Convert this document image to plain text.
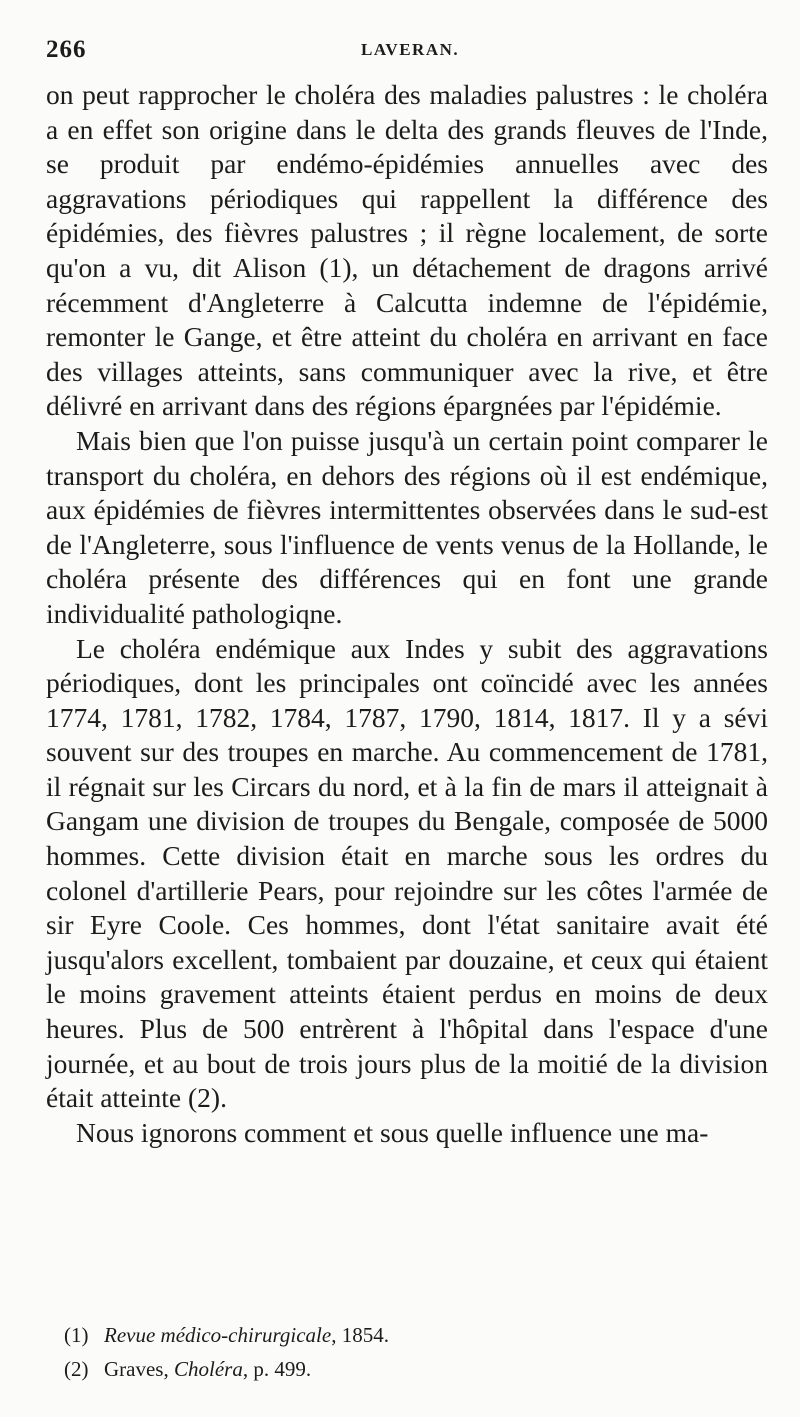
266	LAVERAN.

on peut rapprocher le choléra des maladies palustres : le choléra a en effet son origine dans le delta des grands fleuves de l'Inde, se produit par endémo-épidémies annuelles avec des aggravations périodiques qui rappellent la différence des épidémies, des fièvres palustres ; il règne localement, de sorte qu'on a vu, dit Alison (1), un détachement de dragons arrivé récemment d'Angleterre à Calcutta indemne de l'épidémie, remonter le Gange, et être atteint du choléra en arrivant en face des villages atteints, sans communiquer avec la rive, et être délivré en arrivant dans des régions épargnées par l'épidémie.

Mais bien que l'on puisse jusqu'à un certain point comparer le transport du choléra, en dehors des régions où il est endémique, aux épidémies de fièvres intermittentes observées dans le sud-est de l'Angleterre, sous l'influence de vents venus de la Hollande, le choléra présente des différences qui en font une grande individualité pathologiqne.

Le choléra endémique aux Indes y subit des aggravations périodiques, dont les principales ont coïncidé avec les années 1774, 1781, 1782, 1784, 1787, 1790, 1814, 1817. Il y a sévi souvent sur des troupes en marche. Au commencement de 1781, il régnait sur les Circars du nord, et à la fin de mars il atteignait à Gangam une division de troupes du Bengale, composée de 5000 hommes. Cette division était en marche sous les ordres du colonel d'artillerie Pears, pour rejoindre sur les côtes l'armée de sir Eyre Coole. Ces hommes, dont l'état sanitaire avait été jusqu'alors excellent, tombaient par douzaine, et ceux qui étaient le moins gravement atteints étaient perdus en moins de deux heures. Plus de 500 entrèrent à l'hôpital dans l'espace d'une journée, et au bout de trois jours plus de la moitié de la division était atteinte (2).

Nous ignorons comment et sous quelle influence une ma-

(1) Revue médico-chirurgicale, 1854.

(2) Graves, Choléra, p. 499.
